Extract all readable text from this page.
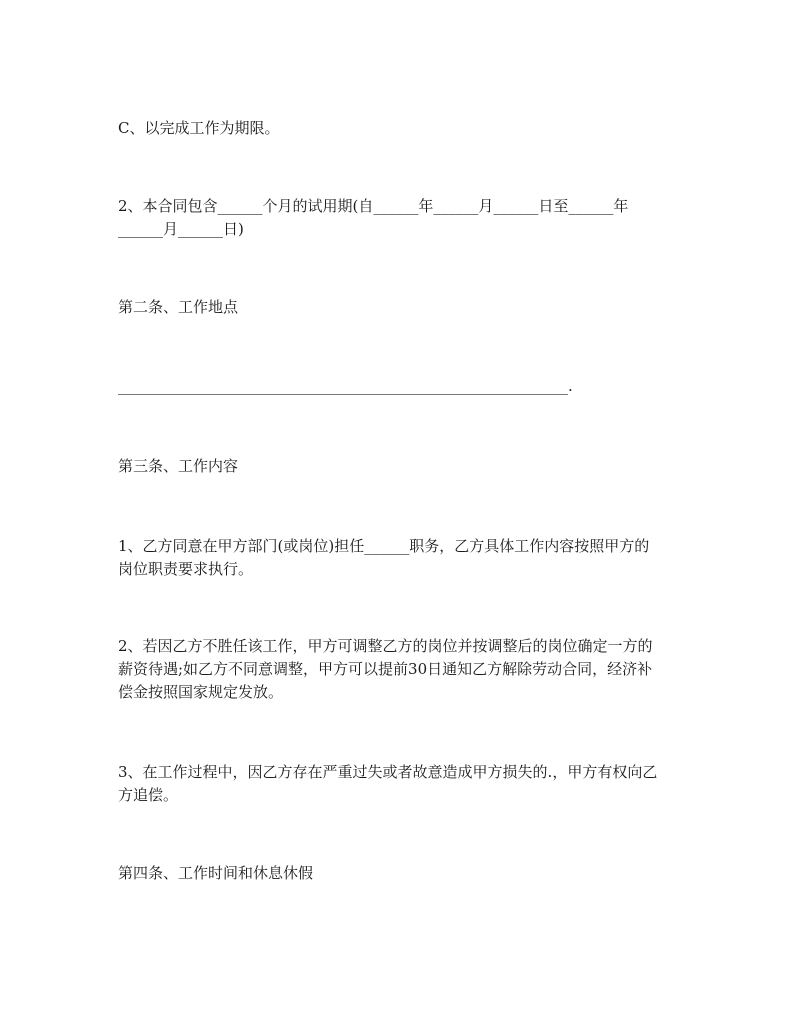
C、以完成工作为期限。

2、本合同包含______个月的试用期(自______年______月______日至______年
______月______日)

第二条、工作地点

____________________________________________________________.

第三条、工作内容

1、乙方同意在甲方部门(或岗位)担任______职务，乙方具体工作内容按照甲方的
岗位职责要求执行。

2、若因乙方不胜任该工作，甲方可调整乙方的岗位并按调整后的岗位确定一方的
薪资待遇;如乙方不同意调整，甲方可以提前30日通知乙方解除劳动合同，经济补
偿金按照国家规定发放。

3、在工作过程中，因乙方存在严重过失或者故意造成甲方损失的.，甲方有权向乙
方追偿。

第四条、工作时间和休息休假
